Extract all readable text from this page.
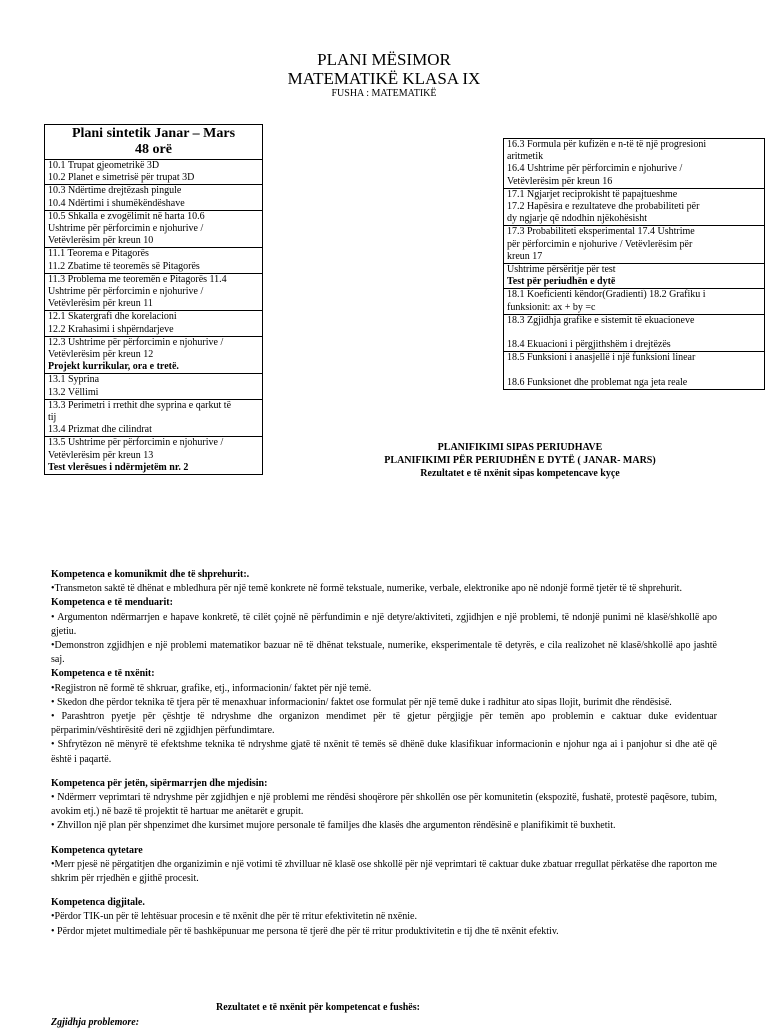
PLANI MËSIMOR
MATEMATIKË KLASA IX
FUSHA : MATEMATIKË
Plani sintetik Janar – Mars
48 orë
10.1 Trupat gjeometrikë 3D
10.2 Planet e simetrisë për trupat 3D
10.3 Ndërtime drejtëzash pingule
10.4 Ndërtimi i shumëkëndëshave
10.5 Shkalla e zvogëlimit në harta 10.6
Ushtrime për përforcimin e njohurive /
Vetëvlerësim për kreun 10
11.1 Teorema e Pitagorës
11.2 Zbatime të teoremës së Pitagorës
11.3 Problema me teoremën e Pitagorës 11.4
Ushtrime për përforcimin e njohurive /
Vetëvlerësim për kreun 11
12.1 Skatergrafi dhe korelacioni
12.2 Krahasimi i shpërndarjeve
12.3 Ushtrime për përforcimin e njohurive /
Vetëvlerësim për kreun 12
Projekt kurrikular, ora e tretë.
13.1 Syprina
13.2 Vëllimi
13.3 Perimetri i rrethit dhe syprina e qarkut të
tij
13.4 Prizmat dhe cilindrat
13.5 Ushtrime për përforcimin e njohurive /
Vetëvlerësim për kreun 13
Test vlerësues i ndërmjetëm nr. 2
16.3 Formula për kufizën e n-të të një progresioni
aritmetik
16.4 Ushtrime për përforcimin e njohurive /
Vetëvlerësim për kreun 16
17.1 Ngjarjet reciprokisht të papajtueshme
17.2 Hapësira e rezultateve dhe probabiliteti për
dy ngjarje që ndodhin njëkohësisht
17.3 Probabiliteti eksperimental 17.4 Ushtrime
për përforcimin e njohurive / Vetëvlerësim për
kreun 17
Ushtrime përsëritje për test
Test për periudhën e dytë
18.1 Koeficienti këndor(Gradienti) 18.2 Grafiku i
funksionit: ax + by =c
18.3 Zgjidhja grafike e sistemit të ekuacioneve

18.4 Ekuacioni i përgjithshëm i drejtëzës
18.5 Funksioni i anasjellë i një funksioni linear

18.6 Funksionet dhe problemat nga jeta reale
PLANIFIKIMI SIPAS PERIUDHAVE
PLANIFIKIMI PËR PERIUDHËN E DYTË ( JANAR- MARS)
Rezultatet e të nxënit sipas kompetencave kyçe

Kompetenca e komunikmit dhe të shprehurit:.

•Transmeton saktë të dhënat e mbledhura për një temë konkrete në formë tekstuale, numerike, verbale, elektronike apo në ndonjë formë tjetër të të shprehurit.

Kompetenca e të menduarit:

• Argumenton ndërmarrjen e hapave konkretë, të cilët çojnë në përfundimin e një detyre/aktiviteti, zgjidhjen e një problemi, të ndonjë punimi në klasë/shkollë apo gjetiu.

•Demonstron zgjidhjen e një problemi matematikor bazuar në të dhënat tekstuale, numerike, eksperimentale të detyrës, e cila realizohet në klasë/shkollë apo jashtë saj.

Kompetenca e të nxënit:

•Regjistron në formë të shkruar, grafike, etj., informacionin/ faktet për një temë.

• Skedon dhe përdor teknika të tjera për të menaxhuar informacionin/ faktet ose formulat për një temë duke i radhitur ato sipas llojit, burimit dhe rëndësisë.

• Parashtron pyetje për çështje të ndryshme dhe organizon mendimet për të gjetur përgjigje për temën apo problemin e caktuar duke evidentuar përparimin/vështirësitë deri në zgjidhjen përfundimtare.

• Shfrytëzon në mënyrë të efektshme teknika të ndryshme gjatë të nxënit të temës së dhënë duke klasifikuar informacionin e njohur nga ai i panjohur si dhe atë që është i paqartë.

Kompetenca për jetën, sipërmarrjen dhe mjedisin:

• Ndërmerr veprimtari të ndryshme për zgjidhjen e një problemi me rëndësi shoqërore për shkollën ose për komunitetin (ekspozitë, fushatë, protestë paqësore, tubim, avokim etj.) në bazë të projektit të hartuar me anëtarët e grupit.

• Zhvillon një plan për shpenzimet dhe kursimet mujore personale të familjes dhe klasës dhe argumenton rëndësinë e planifikimit të buxhetit.

Kompetenca qytetare

•Merr pjesë në përgatitjen dhe organizimin e një votimi të zhvilluar në klasë ose shkollë për një veprimtari të caktuar duke zbatuar rregullat përkatëse dhe raporton me shkrim për rrjedhën e gjithë procesit.

Kompetenca digjitale.

•Përdor TIK-un për të lehtësuar procesin e të nxënit dhe për të rritur efektivitetin në nxënie.

• Përdor mjetet multimediale për të bashkëpunuar me persona të tjerë dhe për të rritur produktivitetin e tij dhe të nxënit efektiv.

Rezultatet e të nxënit për kompetencat e fushës:
Zgjidhja problemore:
